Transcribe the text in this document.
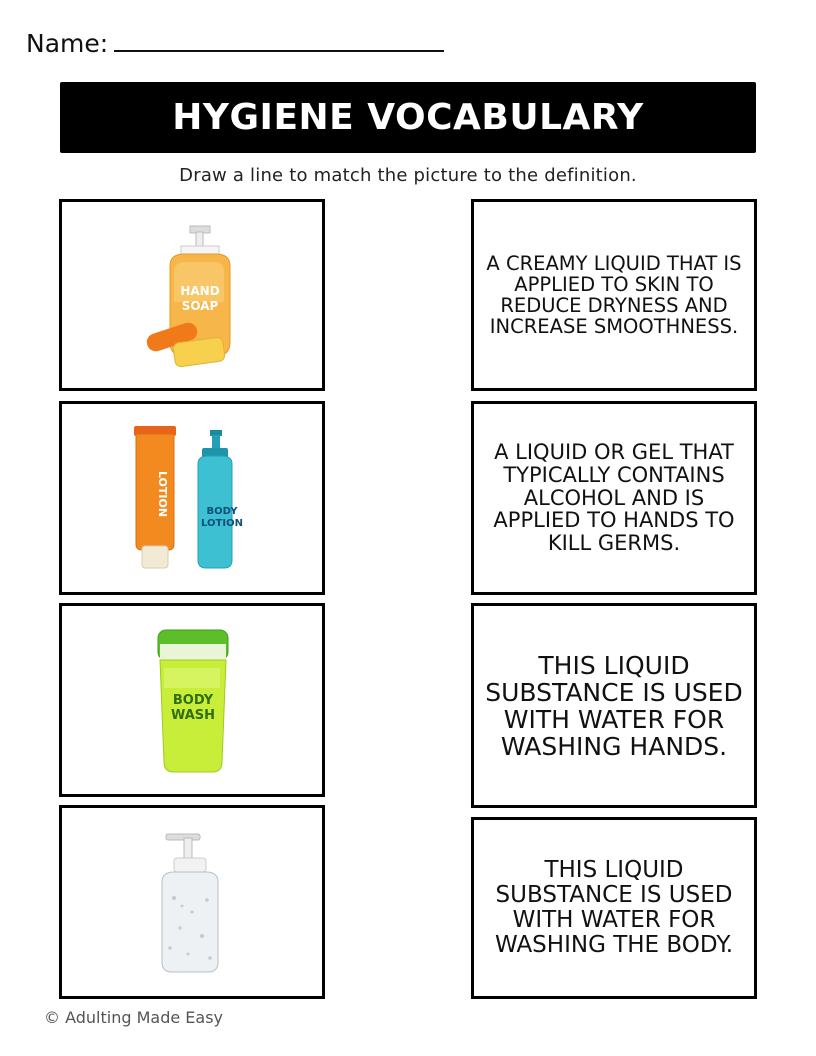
Name:
HYGIENE VOCABULARY
Draw a line to match the picture to the definition.
HAND
SOAP
LOTION	BODY
LOTION
BODY
WASH
A CREAMY LIQUID THAT IS APPLIED TO SKIN TO REDUCE DRYNESS AND INCREASE SMOOTHNESS.
A LIQUID OR GEL THAT TYPICALLY CONTAINS ALCOHOL AND IS APPLIED TO HANDS TO KILL GERMS.
THIS LIQUID SUBSTANCE IS USED WITH WATER FOR WASHING HANDS.
THIS LIQUID SUBSTANCE IS USED WITH WATER FOR WASHING THE BODY.
© Adulting Made Easy
